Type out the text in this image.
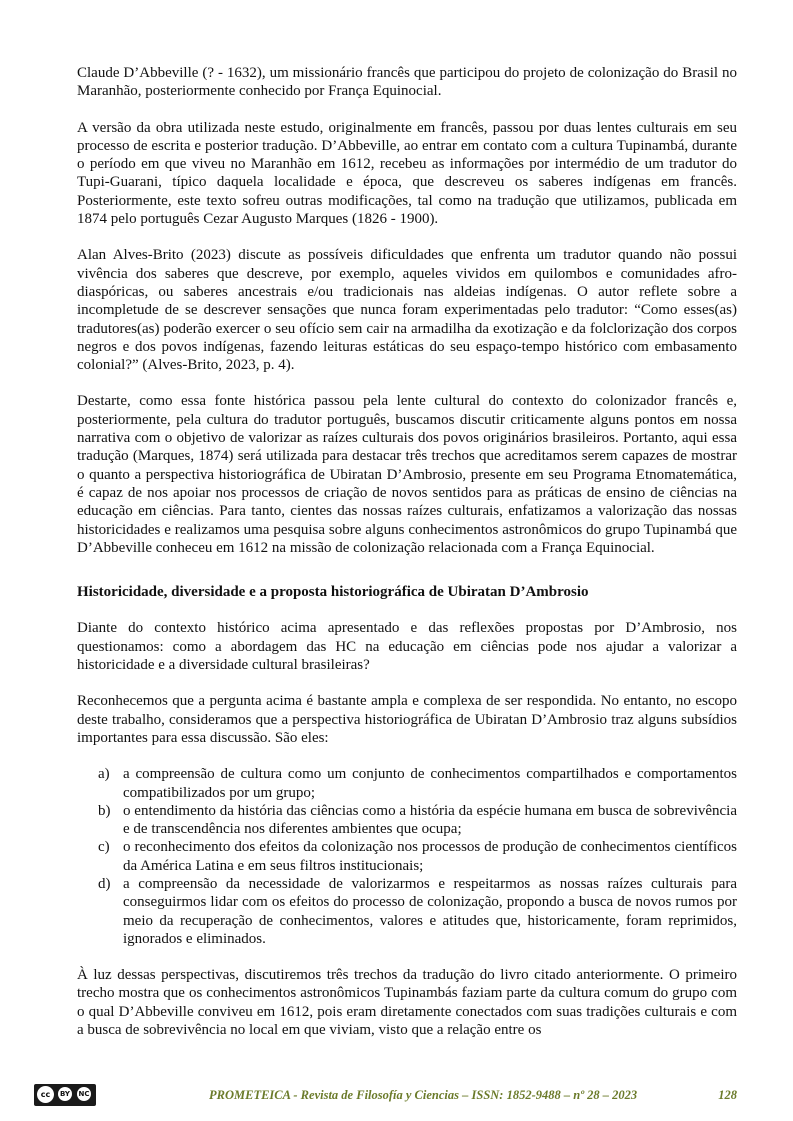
Claude D’Abbeville (? - 1632), um missionário francês que participou do projeto de colonização do Brasil no Maranhão, posteriormente conhecido por França Equinocial.

A versão da obra utilizada neste estudo, originalmente em francês, passou por duas lentes culturais em seu processo de escrita e posterior tradução. D’Abbeville, ao entrar em contato com a cultura Tupinambá, durante o período em que viveu no Maranhão em 1612, recebeu as informações por intermédio de um tradutor do Tupi-Guarani, típico daquela localidade e época, que descreveu os saberes indígenas em francês. Posteriormente, este texto sofreu outras modificações, tal como na tradução que utilizamos, publicada em 1874 pelo português Cezar Augusto Marques (1826 - 1900).

Alan Alves-Brito (2023) discute as possíveis dificuldades que enfrenta um tradutor quando não possui vivência dos saberes que descreve, por exemplo, aqueles vividos em quilombos e comunidades afro-diaspóricas, ou saberes ancestrais e/ou tradicionais nas aldeias indígenas. O autor reflete sobre a incompletude de se descrever sensações que nunca foram experimentadas pelo tradutor: “Como esses(as) tradutores(as) poderão exercer o seu ofício sem cair na armadilha da exotização e da folclorização dos corpos negros e dos povos indígenas, fazendo leituras estáticas do seu espaço-tempo histórico com embasamento colonial?” (Alves-Brito, 2023, p. 4).

Destarte, como essa fonte histórica passou pela lente cultural do contexto do colonizador francês e, posteriormente, pela cultura do tradutor português, buscamos discutir criticamente alguns pontos em nossa narrativa com o objetivo de valorizar as raízes culturais dos povos originários brasileiros. Portanto, aqui essa tradução (Marques, 1874) será utilizada para destacar três trechos que acreditamos serem capazes de mostrar o quanto a perspectiva historiográfica de Ubiratan D’Ambrosio, presente em seu Programa Etnomatemática, é capaz de nos apoiar nos processos de criação de novos sentidos para as práticas de ensino de ciências na educação em ciências. Para tanto, cientes das nossas raízes culturais, enfatizamos a valorização das nossas historicidades e realizamos uma pesquisa sobre alguns conhecimentos astronômicos do grupo Tupinambá que D’Abbeville conheceu em 1612 na missão de colonização relacionada com a França Equinocial.

Historicidade, diversidade e a proposta historiográfica de Ubiratan D’Ambrosio

Diante do contexto histórico acima apresentado e das reflexões propostas por D’Ambrosio, nos questionamos: como a abordagem das HC na educação em ciências pode nos ajudar a valorizar a historicidade e a diversidade cultural brasileiras?

Reconhecemos que a pergunta acima é bastante ampla e complexa de ser respondida. No entanto, no escopo deste trabalho, consideramos que a perspectiva historiográfica de Ubiratan D’Ambrosio traz alguns subsídios importantes para essa discussão. São eles:

a) a compreensão de cultura como um conjunto de conhecimentos compartilhados e comportamentos compatibilizados por um grupo;
b) o entendimento da história das ciências como a história da espécie humana em busca de sobrevivência e de transcendência nos diferentes ambientes que ocupa;
c) o reconhecimento dos efeitos da colonização nos processos de produção de conhecimentos científicos da América Latina e em seus filtros institucionais;
d) a compreensão da necessidade de valorizarmos e respeitarmos as nossas raízes culturais para conseguirmos lidar com os efeitos do processo de colonização, propondo a busca de novos rumos por meio da recuperação de conhecimentos, valores e atitudes que, historicamente, foram reprimidos, ignorados e eliminados.

À luz dessas perspectivas, discutiremos três trechos da tradução do livro citado anteriormente. O primeiro trecho mostra que os conhecimentos astronômicos Tupinambás faziam parte da cultura comum do grupo com o qual D’Abbeville conviveu em 1612, pois eram diretamente conectados com suas tradições culturais e com a busca de sobrevivência no local em que viviam, visto que a relação entre os

cc	BY NC	PROMETEICA - Revista de Filosofía y Ciencias – ISSN: 1852-9488 – nº 28 – 2023	128
